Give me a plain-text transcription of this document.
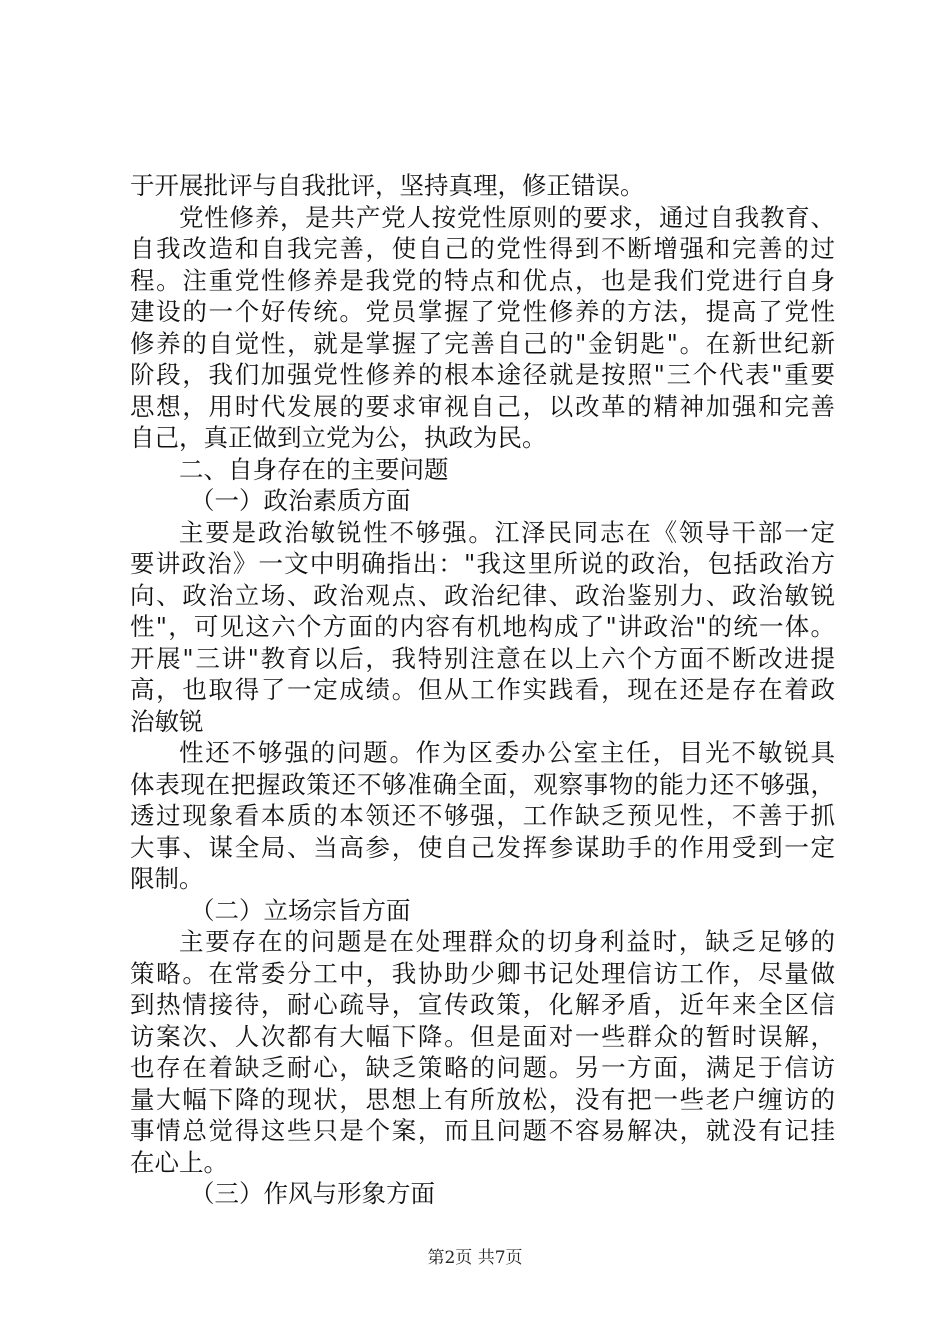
于开展批评与自我批评，坚持真理，修正错误。
党性修养，是共产党人按党性原则的要求，通过自我教育、
自我改造和自我完善，使自己的党性得到不断增强和完善的过
程。注重党性修养是我党的特点和优点，也是我们党进行自身
建设的一个好传统。党员掌握了党性修养的方法，提高了党性
修养的自觉性，就是掌握了完善自己的"金钥匙"。在新世纪新
阶段，我们加强党性修养的根本途径就是按照"三个代表"重要
思想，用时代发展的要求审视自己，以改革的精神加强和完善
自己，真正做到立党为公，执政为民。
二、自身存在的主要问题
（一）政治素质方面
主要是政治敏锐性不够强。江泽民同志在《领导干部一定
要讲政治》一文中明确指出："我这里所说的政治，包括政治方
向、政治立场、政治观点、政治纪律、政治鉴别力、政治敏锐
性"，可见这六个方面的内容有机地构成了"讲政治"的统一体。
开展"三讲"教育以后，我特别注意在以上六个方面不断改进提
高，也取得了一定成绩。但从工作实践看，现在还是存在着政
治敏锐
性还不够强的问题。作为区委办公室主任，目光不敏锐具
体表现在把握政策还不够准确全面，观察事物的能力还不够强，
透过现象看本质的本领还不够强，工作缺乏预见性，不善于抓
大事、谋全局、当高参，使自己发挥参谋助手的作用受到一定
限制。
（二）立场宗旨方面
主要存在的问题是在处理群众的切身利益时，缺乏足够的
策略。在常委分工中，我协助少卿书记处理信访工作，尽量做
到热情接待，耐心疏导，宣传政策，化解矛盾，近年来全区信
访案次、人次都有大幅下降。但是面对一些群众的暂时误解，
也存在着缺乏耐心，缺乏策略的问题。另一方面，满足于信访
量大幅下降的现状，思想上有所放松，没有把一些老户缠访的
事情总觉得这些只是个案，而且问题不容易解决，就没有记挂
在心上。
（三）作风与形象方面
第2页 共7页
